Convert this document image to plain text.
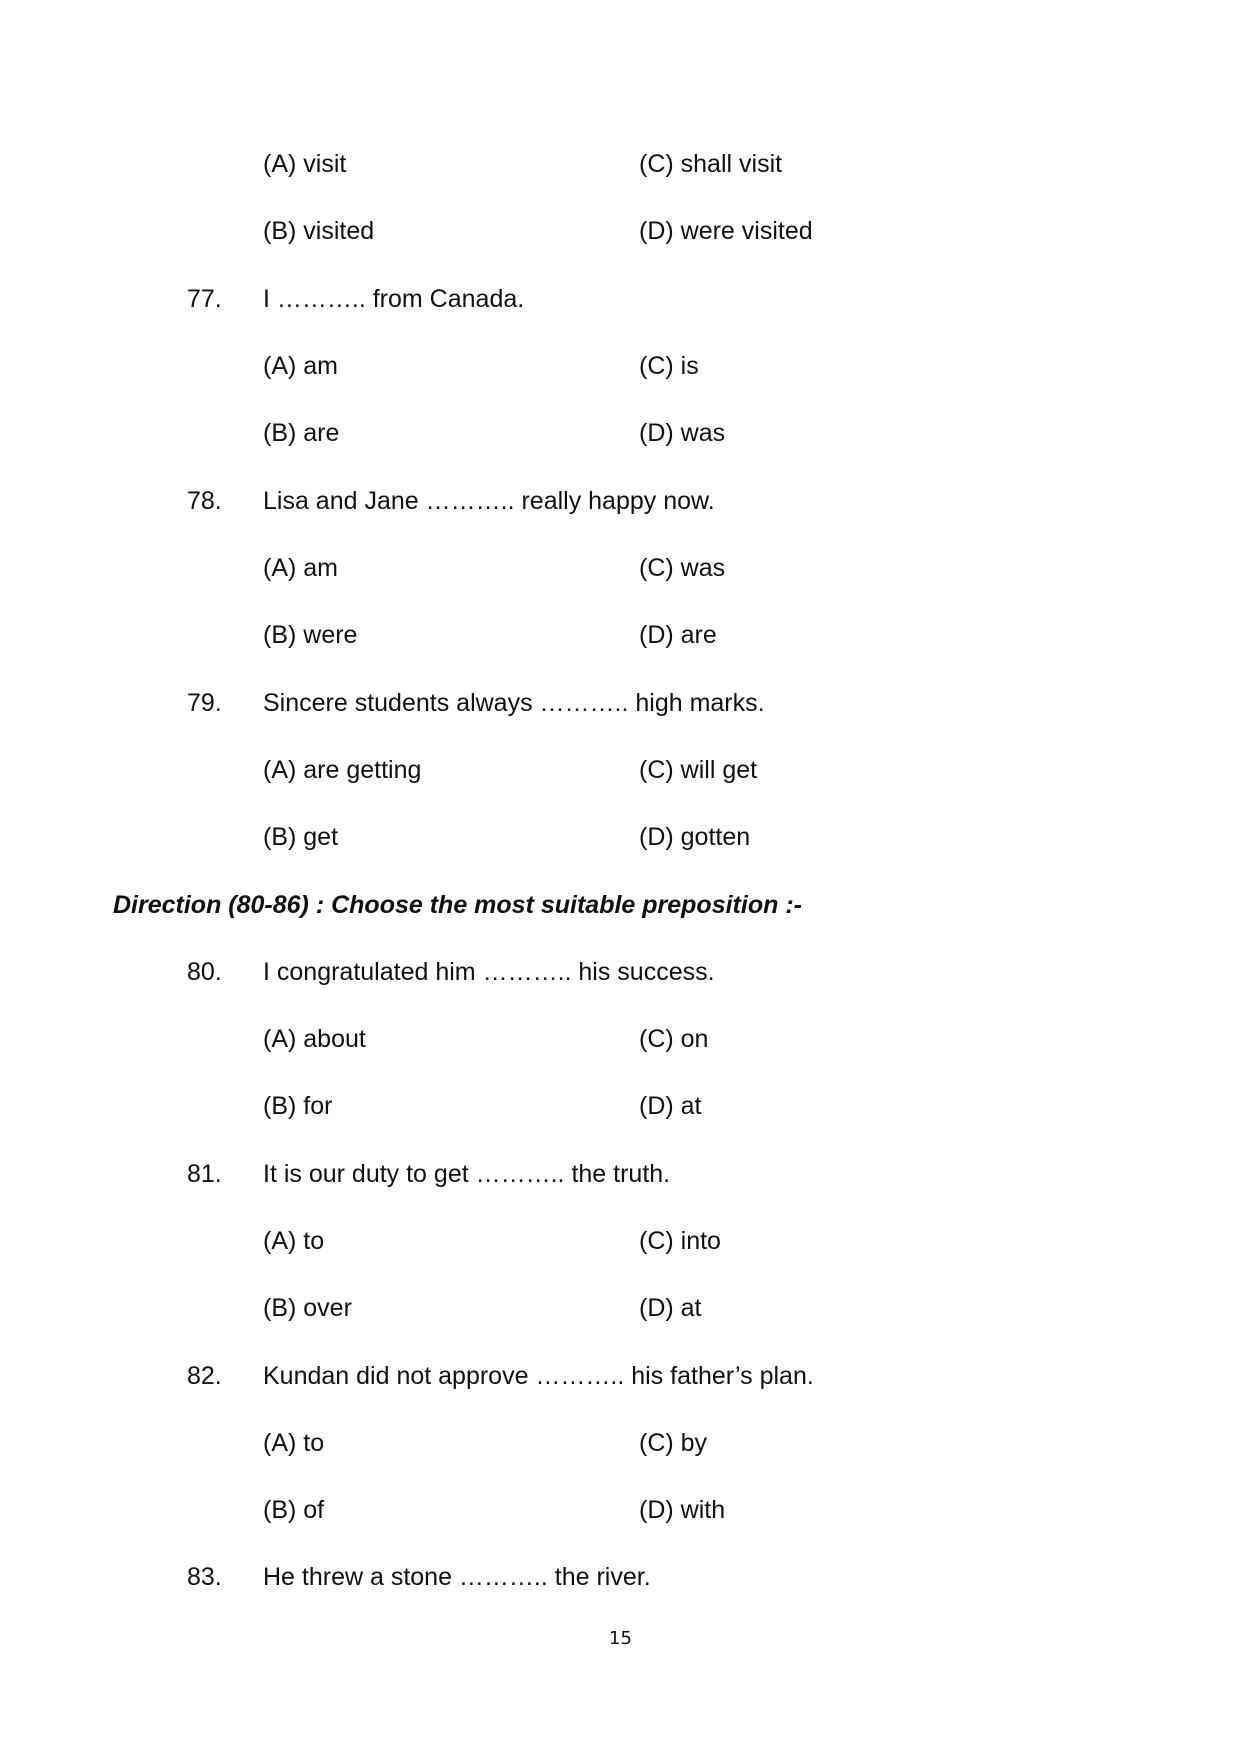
(A) visit	(C) shall visit
(B) visited	(D) were visited
77. I ……….. from Canada.
(A) am	(C) is
(B) are	(D) was
78. Lisa and Jane ……….. really happy now.
(A) am	(C) was
(B) were	(D) are
79. Sincere students always ……….. high marks.
(A) are getting	(C) will get
(B) get	(D) gotten
Direction (80-86) : Choose the most suitable preposition :-
80. I congratulated him ……….. his success.
(A) about	(C) on
(B) for	(D) at
81. It is our duty to get ……….. the truth.
(A) to	(C) into
(B) over	(D) at
82. Kundan did not approve ……….. his father’s plan.
(A) to	(C) by
(B) of	(D) with
83. He threw a stone ……….. the river.
15
